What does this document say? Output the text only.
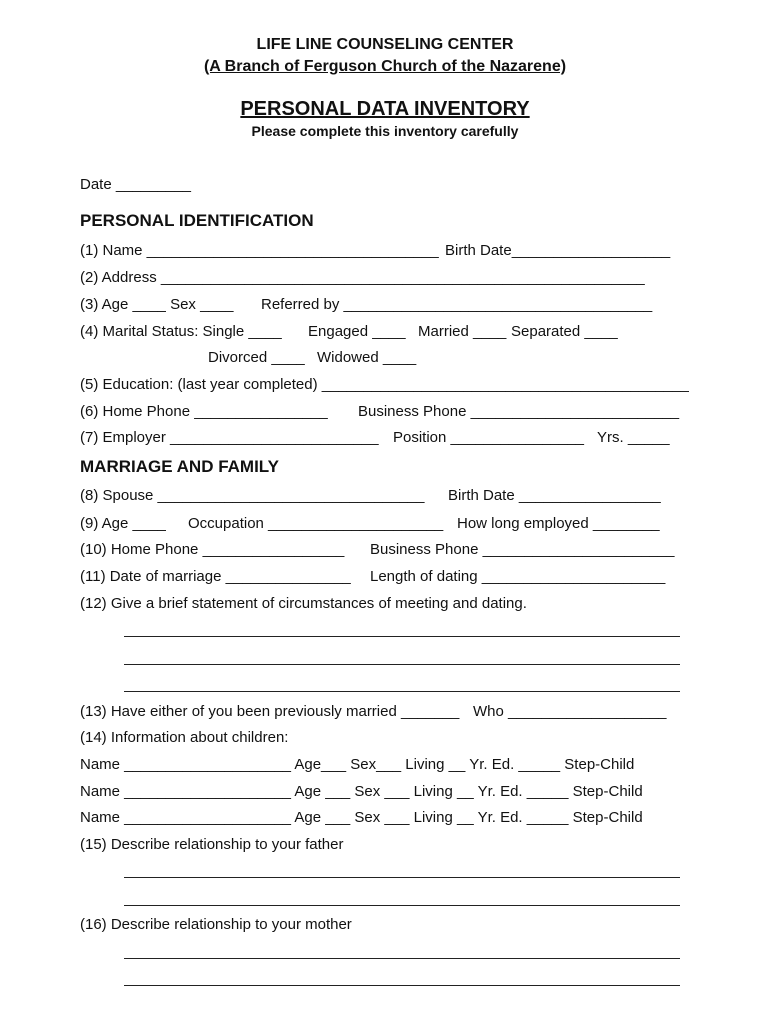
LIFE LINE COUNSELING CENTER
(A Branch of Ferguson Church of the Nazarene)
PERSONAL DATA INVENTORY
Please complete this inventory carefully
Date _________
PERSONAL IDENTIFICATION
(1) Name ___________________________________ Birth Date___________________
(2) Address __________________________________________________________
(3) Age ____ Sex ____ Referred by _____________________________________
(4) Marital Status: Single ____ Engaged ____ Married ____ Separated ____
Divorced ____ Widowed ____
(5) Education: (last year completed) ____________________________________________
(6) Home Phone ________________ Business Phone _________________________
(7) Employer _________________________ Position ________________ Yrs. _____
MARRIAGE AND FAMILY
(8) Spouse ________________________________ Birth Date _________________
(9) Age ____ Occupation _____________________ How long employed ________
(10) Home Phone _________________ Business Phone _______________________
(11) Date of marriage _______________ Length of dating ______________________
(12) Give a brief statement of circumstances of meeting and dating.
(13) Have either of you been previously married _______ Who ___________________
(14) Information about children:
Name ____________________ Age___ Sex___ Living __ Yr. Ed. _____ Step-Child
Name ____________________ Age ___ Sex ___ Living __ Yr. Ed. _____ Step-Child
Name ____________________ Age ___ Sex ___ Living __ Yr. Ed. _____ Step-Child
(15) Describe relationship to your father
(16) Describe relationship to your mother
